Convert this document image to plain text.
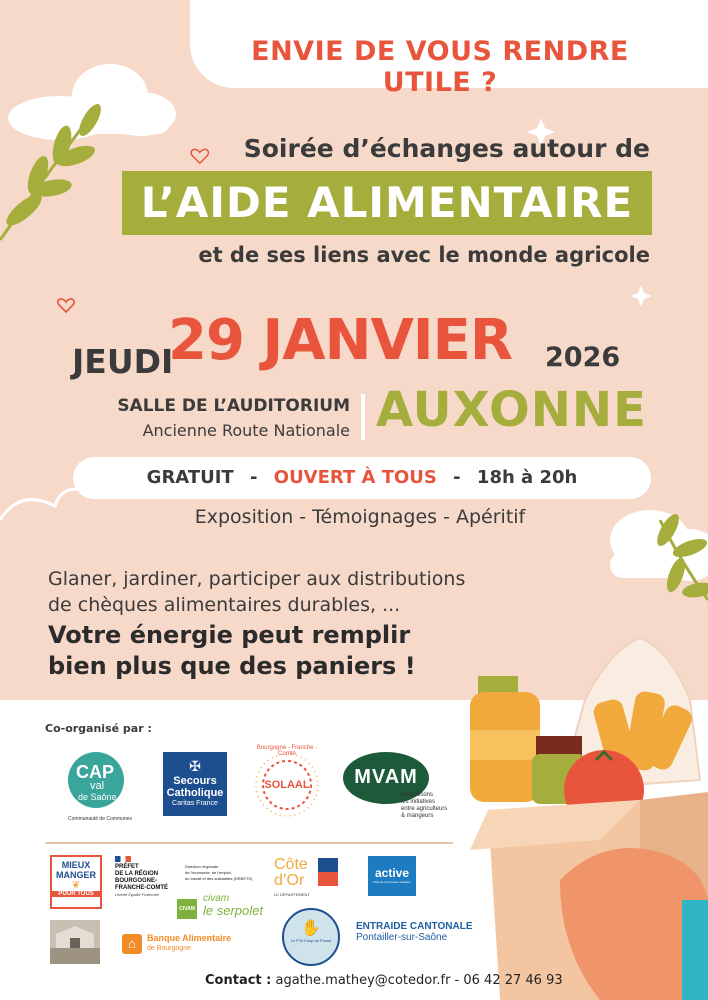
ENVIE DE VOUS RENDRE UTILE ?
Soirée d’échanges autour de
L’AIDE ALIMENTAIRE
et de ses liens avec le monde agricole
JEUDI
29 JANVIER 2026
SALLE DE L’AUDITORIUM
Ancienne Route Nationale AUXONNE
GRATUIT - OUVERT À TOUS - 18h à 20h
Exposition - Témoignages - Apéritif
Glaner, jardiner, participer aux distributions
de chèques alimentaires durables, ...
Votre énergie peut remplir
bien plus que des paniers !
Co-organisé par :
CAP
val
de Saône
Communauté de Communes
✠
Secours
Catholique
Caritas France
SOLAAL
Bourgogne - Franche - Comté
MVAM
mutualisons
les initiatives
entre agriculteurs
& mangeurs
MIEUX
MANGER
❦
POUR TOUS
PRÉFET
DE LA RÉGION
BOURGOGNE-
FRANCHE-COMTÉ
Liberté Égalité Fraternité
Direction régionale
de l'économie, de l'emploi,
du travail et des solidarités (DREETS)
CIVAM
civam
le serpolet
Côte
d’Or
LE DÉPARTEMENT
active
Pôle de l'économie solidaire
⌂	Banque Alimentaire
de Bourgogne
✋
Le P'tit Coup de Pouce
ENTRAIDE CANTONALE
Pontailler-sur-Saône
Contact : agathe.mathey@cotedor.fr - 06 42 27 46 93
